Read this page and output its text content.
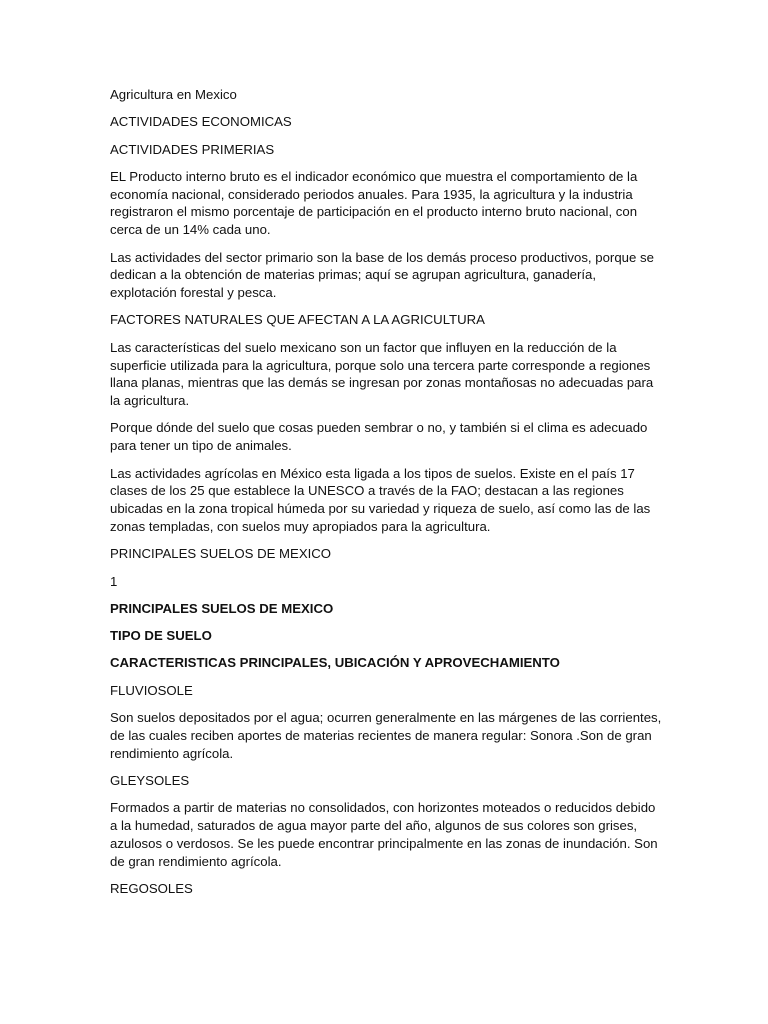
Agricultura en Mexico

ACTIVIDADES ECONOMICAS

ACTIVIDADES PRIMERIAS

EL Producto interno bruto es el indicador económico que muestra el comportamiento de la economía nacional, considerado periodos anuales. Para 1935, la agricultura y la industria registraron el mismo porcentaje de participación en el producto interno bruto nacional, con cerca de un 14% cada uno.

Las actividades del sector primario son la base de los demás proceso productivos, porque se dedican a la obtención de materias primas; aquí se agrupan agricultura, ganadería, explotación forestal y pesca.

FACTORES NATURALES QUE AFECTAN A LA AGRICULTURA

Las características del suelo mexicano son un factor que influyen en la reducción de la superficie utilizada para la agricultura, porque solo una tercera parte corresponde a regiones llana planas, mientras que las demás se ingresan por zonas montañosas no adecuadas para la agricultura.

Porque dónde del suelo que cosas pueden sembrar o no, y también si el clima es adecuado para tener un tipo de animales.

Las actividades agrícolas en México esta ligada a los tipos de suelos. Existe en el país 17 clases de los 25 que establece la UNESCO a través de la FAO; destacan a las regiones ubicadas en la zona tropical húmeda por su variedad y riqueza de suelo, así como las de las zonas templadas, con suelos muy apropiados para la agricultura.

PRINCIPALES SUELOS DE MEXICO

1

PRINCIPALES SUELOS DE MEXICO

TIPO DE SUELO

CARACTERISTICAS PRINCIPALES, UBICACIÓN Y APROVECHAMIENTO

FLUVIOSOLE

Son suelos depositados por el agua; ocurren generalmente en las márgenes de las corrientes, de las cuales reciben aportes de materias recientes de manera regular: Sonora .Son de gran rendimiento agrícola.

GLEYSOLES

Formados a partir de materias no consolidados, con horizontes moteados o reducidos debido a la humedad, saturados de agua mayor parte del año, algunos de sus colores son grises, azulosos o verdosos. Se les puede encontrar principalmente en las zonas de inundación. Son de gran rendimiento agrícola.

REGOSOLES
